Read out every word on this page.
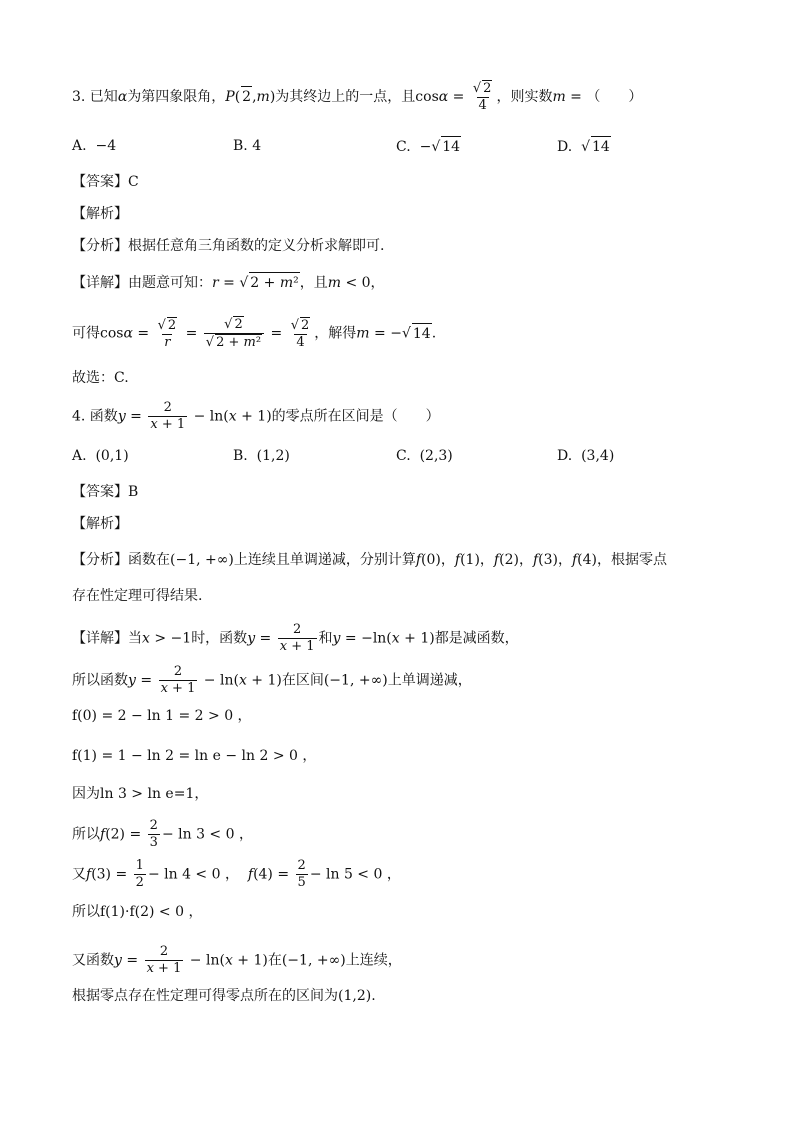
3. 已知α为第四象限角，P( 2,m)为其终边上的一点，且$\cos\alpha = \frac{√ 2}{4}$ ，则实数m = （　　）
A. −4	B. 4	C. −√ 14	D.  √ 14
【答案】C
【解析】
【分析】根据任意角三角函数的定义分析求解即可.
【详解】由题意可知：r = √ 2 + m²，且m < 0，
可得$\cos\alpha = \frac{√ 2}{r} = \frac{√ 2}{\text{√ 2 + m²}} = \frac{√ 2}{4}$ ，解得m = −√ 14.
故选：C.
4. 函数$y = \frac{2}{x + 1} - \ln(x + 1)$的零点所在区间是（　　）
A. (0,1)	B. (1,2)	C. (2,3)	D. (3,4)
【答案】B
【解析】
【分析】函数在(−1, +∞)上连续且单调递减，分别计算f(0)，f(1)，f(2)，f(3)，f(4)，根据零点
存在性定理可得结果.
【详解】当x > −1时，函数$y = \frac{2}{x + 1}$ 和y = −ln(x + 1)都是减函数，
所以函数$y = \frac{2}{x + 1} - \ln(x + 1)$在区间(−1, +∞)上单调递减，
f(0) = 2 − ln 1 = 2 > 0 ，
f(1) = 1 − ln 2 = ln e − ln 2 > 0 ，
因为ln 3 > ln e=1，
所以$f(2) = \frac{2}{3} - \ln 3 < 0$ ，
又$f(3) = \frac{1}{2} - \ln 4 < 0$ ， $f(4) = \frac{2}{5} - \ln 5 < 0$ ，
所以f(1)·f(2) < 0 ，
又函数$y = \frac{2}{x + 1} - \ln(x + 1)$在(−1, +∞)上连续，
根据零点存在性定理可得零点所在的区间为(1,2).
